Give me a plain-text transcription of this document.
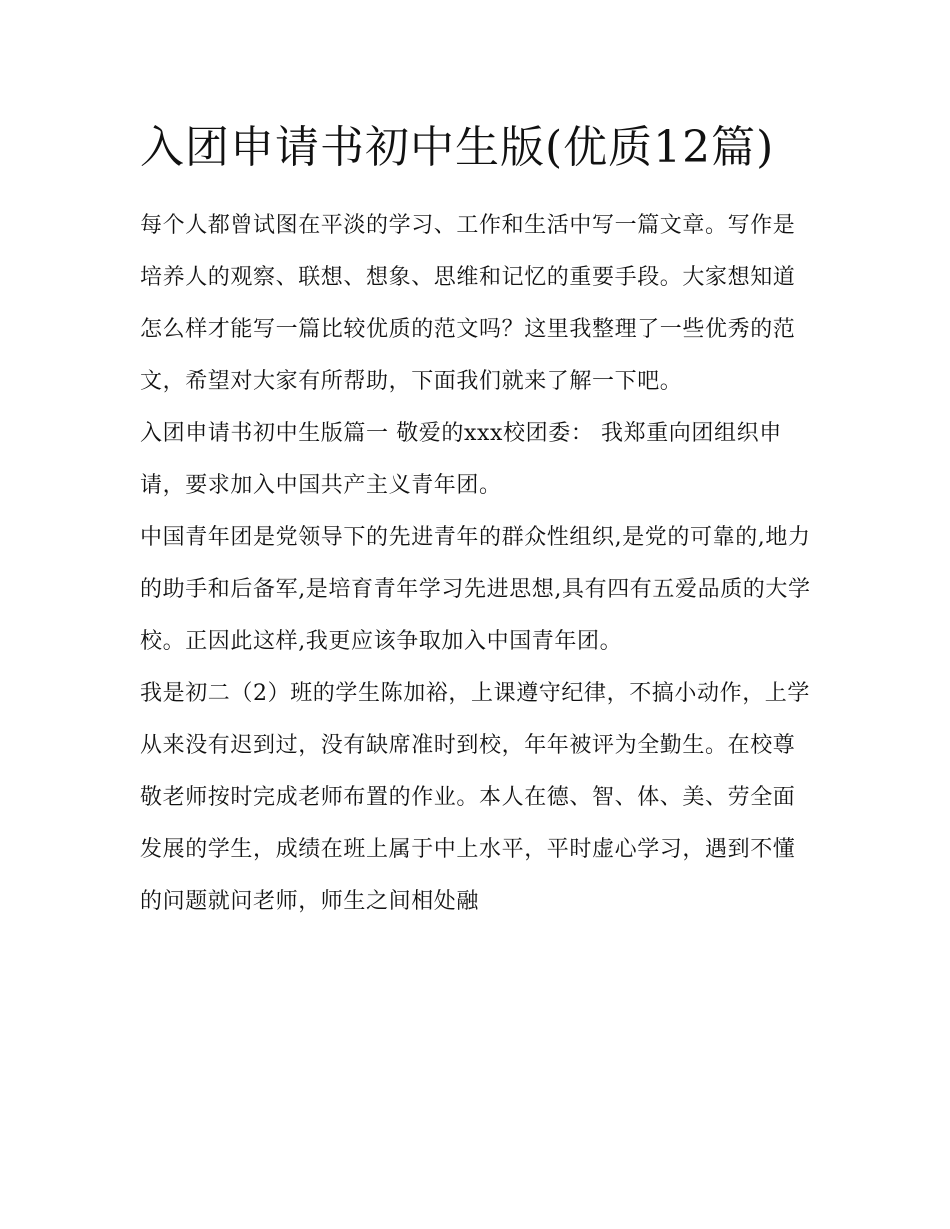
入团申请书初中生版(优质12篇)

每个人都曾试图在平淡的学习、工作和生活中写一篇文章。写作是培养人的观察、联想、想象、思维和记忆的重要手段。大家想知道怎么样才能写一篇比较优质的范文吗？这里我整理了一些优秀的范文，希望对大家有所帮助，下面我们就来了解一下吧。

入团申请书初中生版篇一 敬爱的xxx校团委： 我郑重向团组织申请，要求加入中国共产主义青年团。

中国青年团是党领导下的先进青年的群众性组织,是党的可靠的,地力的助手和后备军,是培育青年学习先进思想,具有四有五爱品质的大学校。正因此这样,我更应该争取加入中国青年团。

我是初二（2）班的学生陈加裕，上课遵守纪律，不搞小动作，上学从来没有迟到过，没有缺席准时到校，年年被评为全勤生。在校尊敬老师按时完成老师布置的作业。本人在德、智、体、美、劳全面发展的学生，成绩在班上属于中上水平，平时虚心学习，遇到不懂的问题就问老师，师生之间相处融
